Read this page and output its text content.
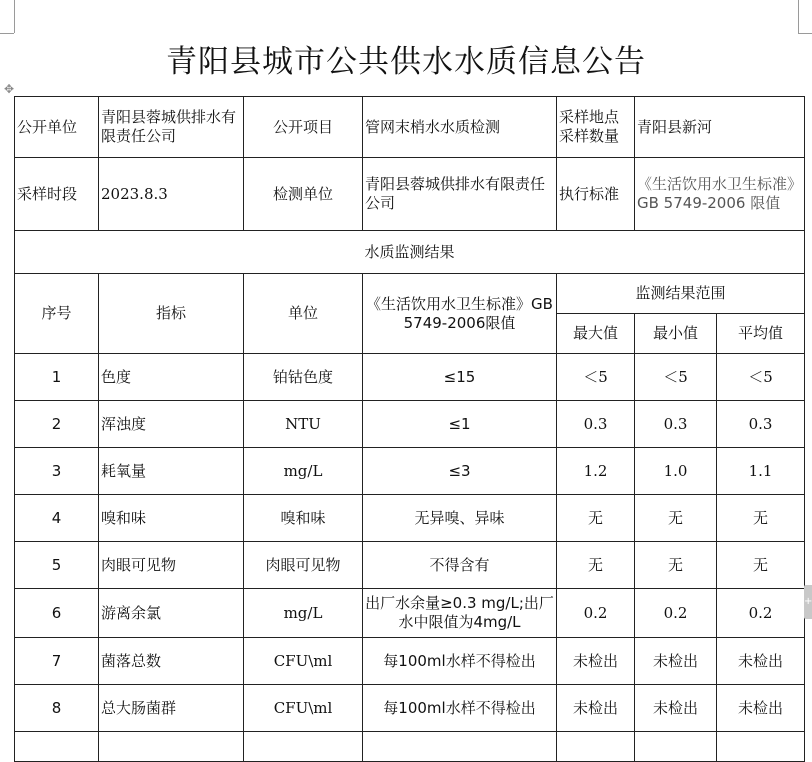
✥
青阳县城市公共供水水质信息公告
公开单位	青阳县蓉城供排水有限责任公司	公开项目	管网末梢水水质检测	采样地点采样数量	青阳县新河	
采样时段	2023.8.3	检测单位	青阳县蓉城供排水有限责任公司	执行标准	《生活饮用水卫生标准》GB 5749-2006 限值	
水质监测结果						
序号	指标	单位	《生活饮用水卫生标准》GB 5749-2006限值	监测结果范围		
				最大值	最小值	平均值
1	色度	铂钴色度	≤15	＜5	＜5	＜5
2	浑浊度	NTU	≤1	0.3	0.3	0.3
3	耗氧量	mg/L	≤3	1.2	1.0	1.1
4	嗅和味	嗅和味	无异嗅、异味	无	无	无
5	肉眼可见物	肉眼可见物	不得含有	无	无	无
6	游离余氯	mg/L	出厂水余量≥0.3 mg/L;出厂水中限值为4mg/L	0.2	0.2	0.2
7	菌落总数	CFU\ml	每100ml水样不得检出	未检出	未检出	未检出
8	总大肠菌群	CFU\ml	每100ml水样不得检出	未检出	未检出	未检出

+
